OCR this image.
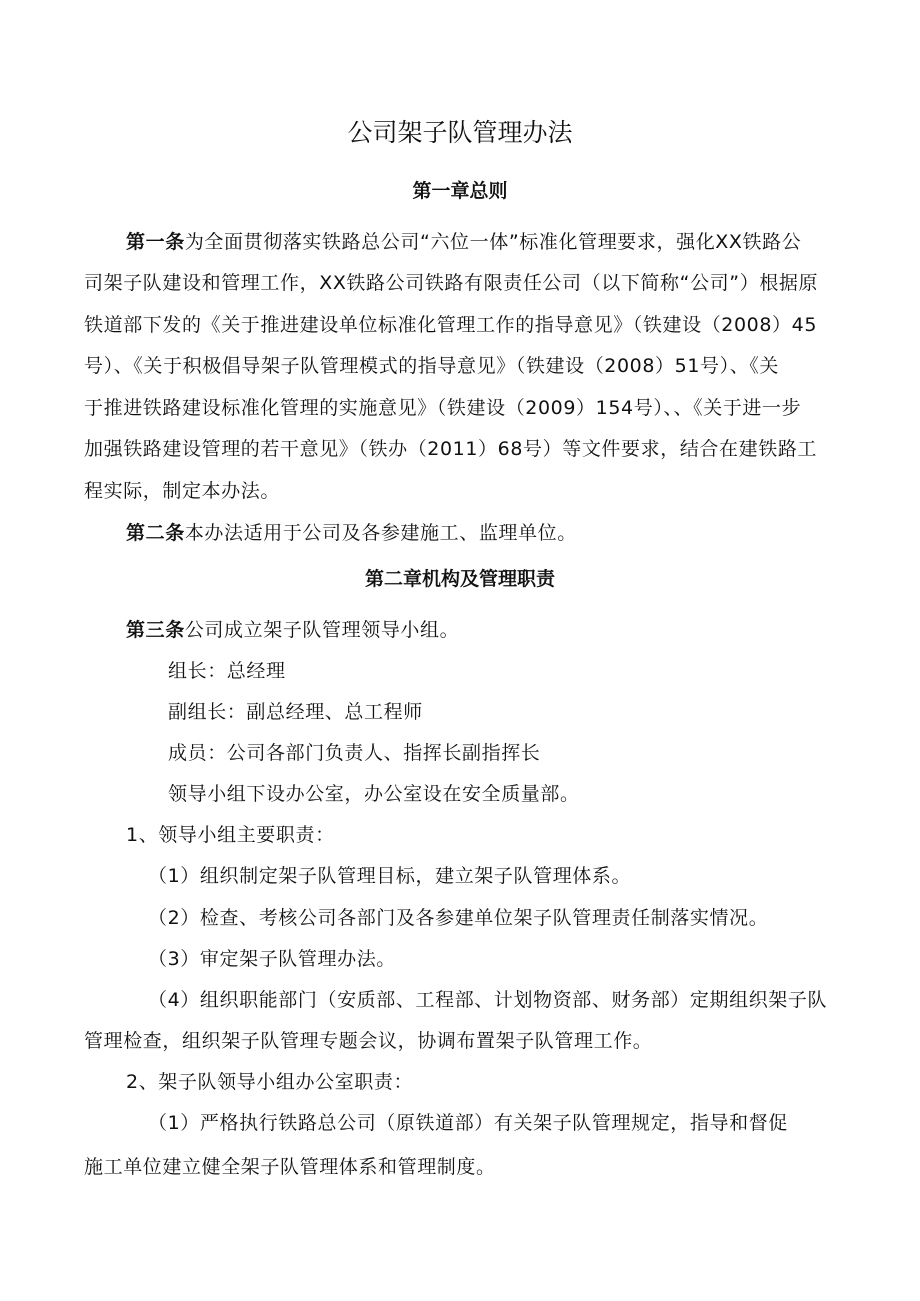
公司架子队管理办法
第一章总则
第一条为全面贯彻落实铁路总公司“六位一体”标准化管理要求，强化XX铁路公
司架子队建设和管理工作，XX铁路公司铁路有限责任公司（以下简称“公司”）根据原
铁道部下发的《关于推进建设单位标准化管理工作的指导意见》（铁建设（2008）45
号）、《关于积极倡导架子队管理模式的指导意见》（铁建设（2008）51号）、《关
于推进铁路建设标准化管理的实施意见》（铁建设（2009）154号）、、《关于进一步
加强铁路建设管理的若干意见》（铁办（2011）68号）等文件要求，结合在建铁路工
程实际，制定本办法。
第二条本办法适用于公司及各参建施工、监理单位。
第二章机构及管理职责
第三条公司成立架子队管理领导小组。
组长：总经理
副组长：副总经理、总工程师
成员：公司各部门负责人、指挥长副指挥长
领导小组下设办公室，办公室设在安全质量部。
1、领导小组主要职责：
（1）组织制定架子队管理目标，建立架子队管理体系。
（2）检查、考核公司各部门及各参建单位架子队管理责任制落实情况。
（3）审定架子队管理办法。
（4）组织职能部门（安质部、工程部、计划物资部、财务部）定期组织架子队
管理检查，组织架子队管理专题会议，协调布置架子队管理工作。
2、架子队领导小组办公室职责：
（1）严格执行铁路总公司（原铁道部）有关架子队管理规定，指导和督促
施工单位建立健全架子队管理体系和管理制度。
